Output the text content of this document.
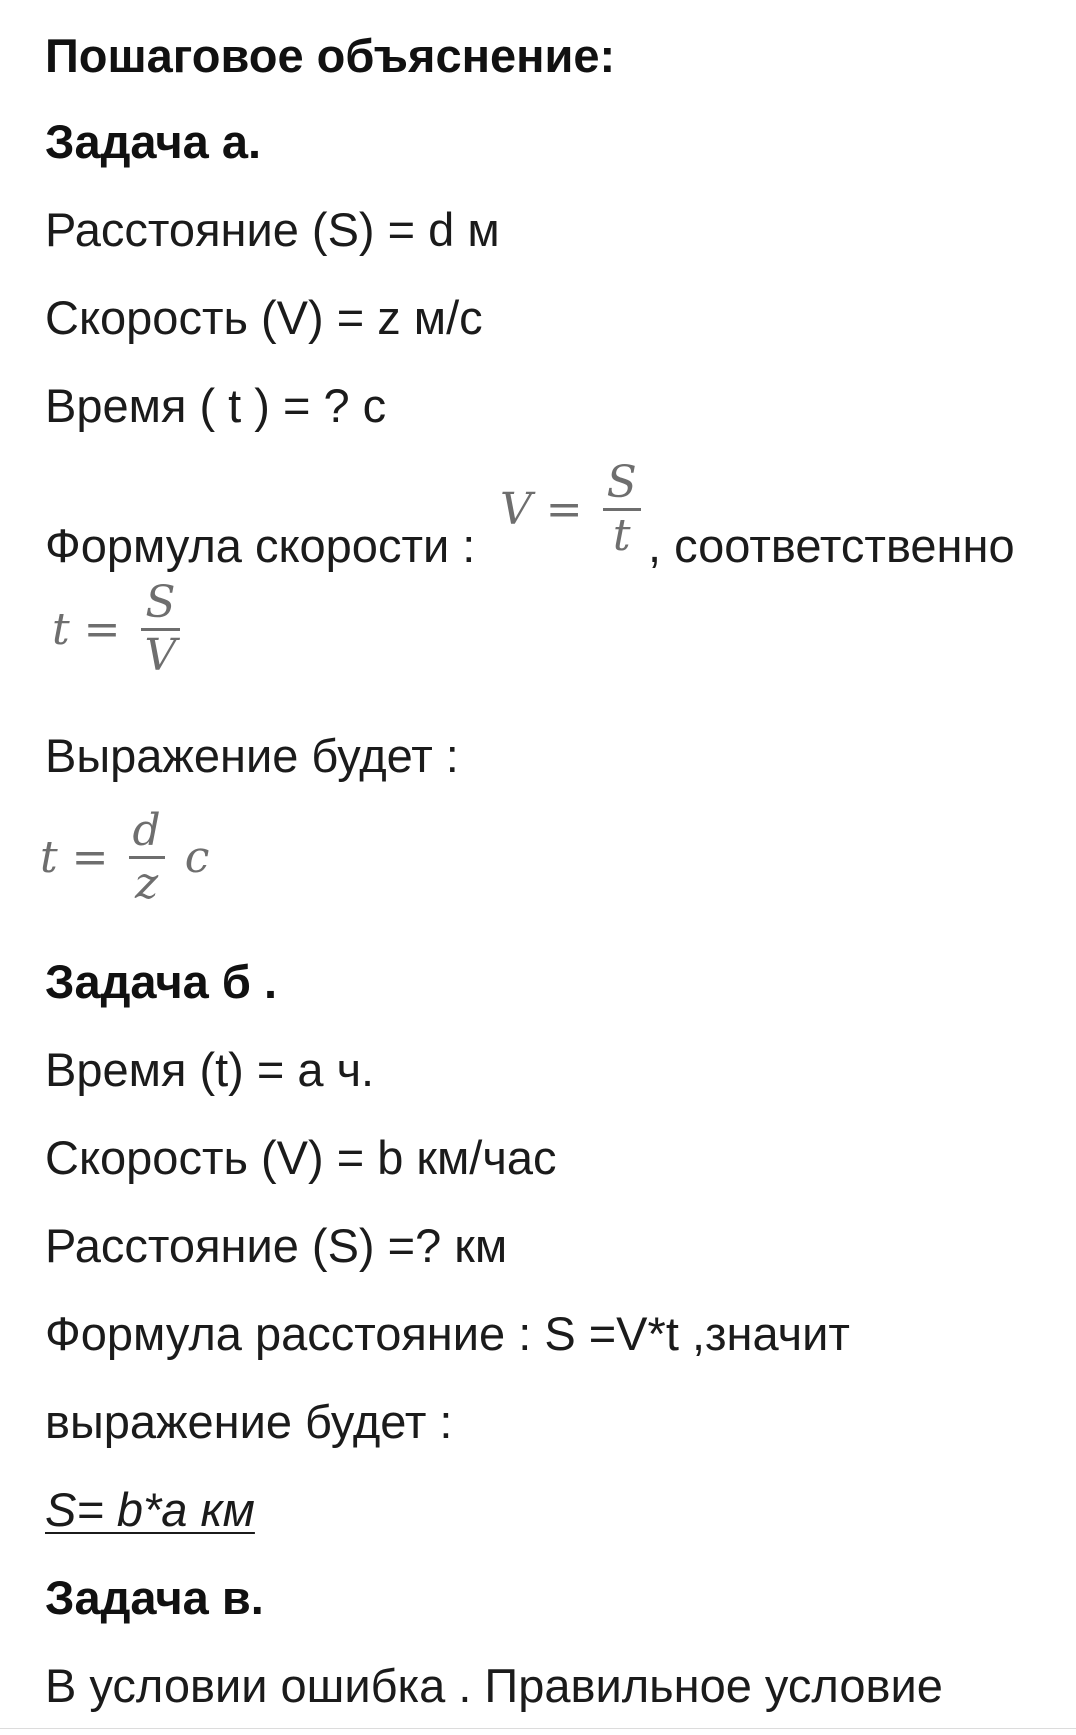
Пошаговое объяснение:
Задача а.
Расстояние (S) = d м
Скорость (V) = z м/с
Время ( t ) = ? с
Формула скорости :
$V = \frac{S}{t}$ , соответственно
$t = \frac{S}{V}$
Выражение будет :
$t = \frac{d}{z}$ c
Задача б .
Время (t) = а ч.
Скорость (V) = b км/час
Расстояние (S) =? км
Формула расстояние : S =V*t ,значит
выражение будет :
S= b*a км
Задача в.
В условии ошибка . Правильное условие
